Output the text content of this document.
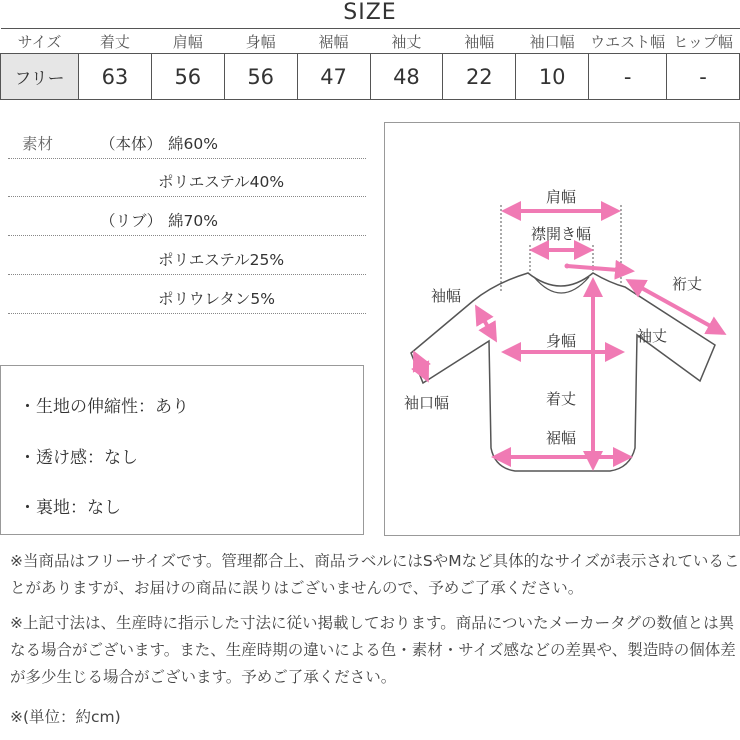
SIZE
サイズ	着丈	肩幅	身幅	裾幅	袖丈	袖幅	袖口幅	ウエスト幅	ヒップ幅
フリー	63	56	56	47	48	22	10	-	-
素材	（本体） 綿60%
ポリエステル40%
（リブ） 綿70%
ポリエステル25%
ポリウレタン5%
・生地の伸縮性：あり
・透け感：なし
・裏地：なし
肩幅
襟開き幅
袖幅
裄丈
袖丈
身幅
袖口幅	着丈
裾幅
※当商品はフリーサイズです。管理都合上、商品ラベルにはSやMなど具体的なサイズが表示されていることがありますが、お届けの商品に誤りはございませんので、予めご了承ください。
※上記寸法は、生産時に指示した寸法に従い掲載しております。商品についたメーカータグの数値とは異なる場合がございます。また、生産時期の違いによる色・素材・サイズ感などの差異や、製造時の個体差が多少生じる場合がございます。予めご了承ください。
※(単位：約cm)
